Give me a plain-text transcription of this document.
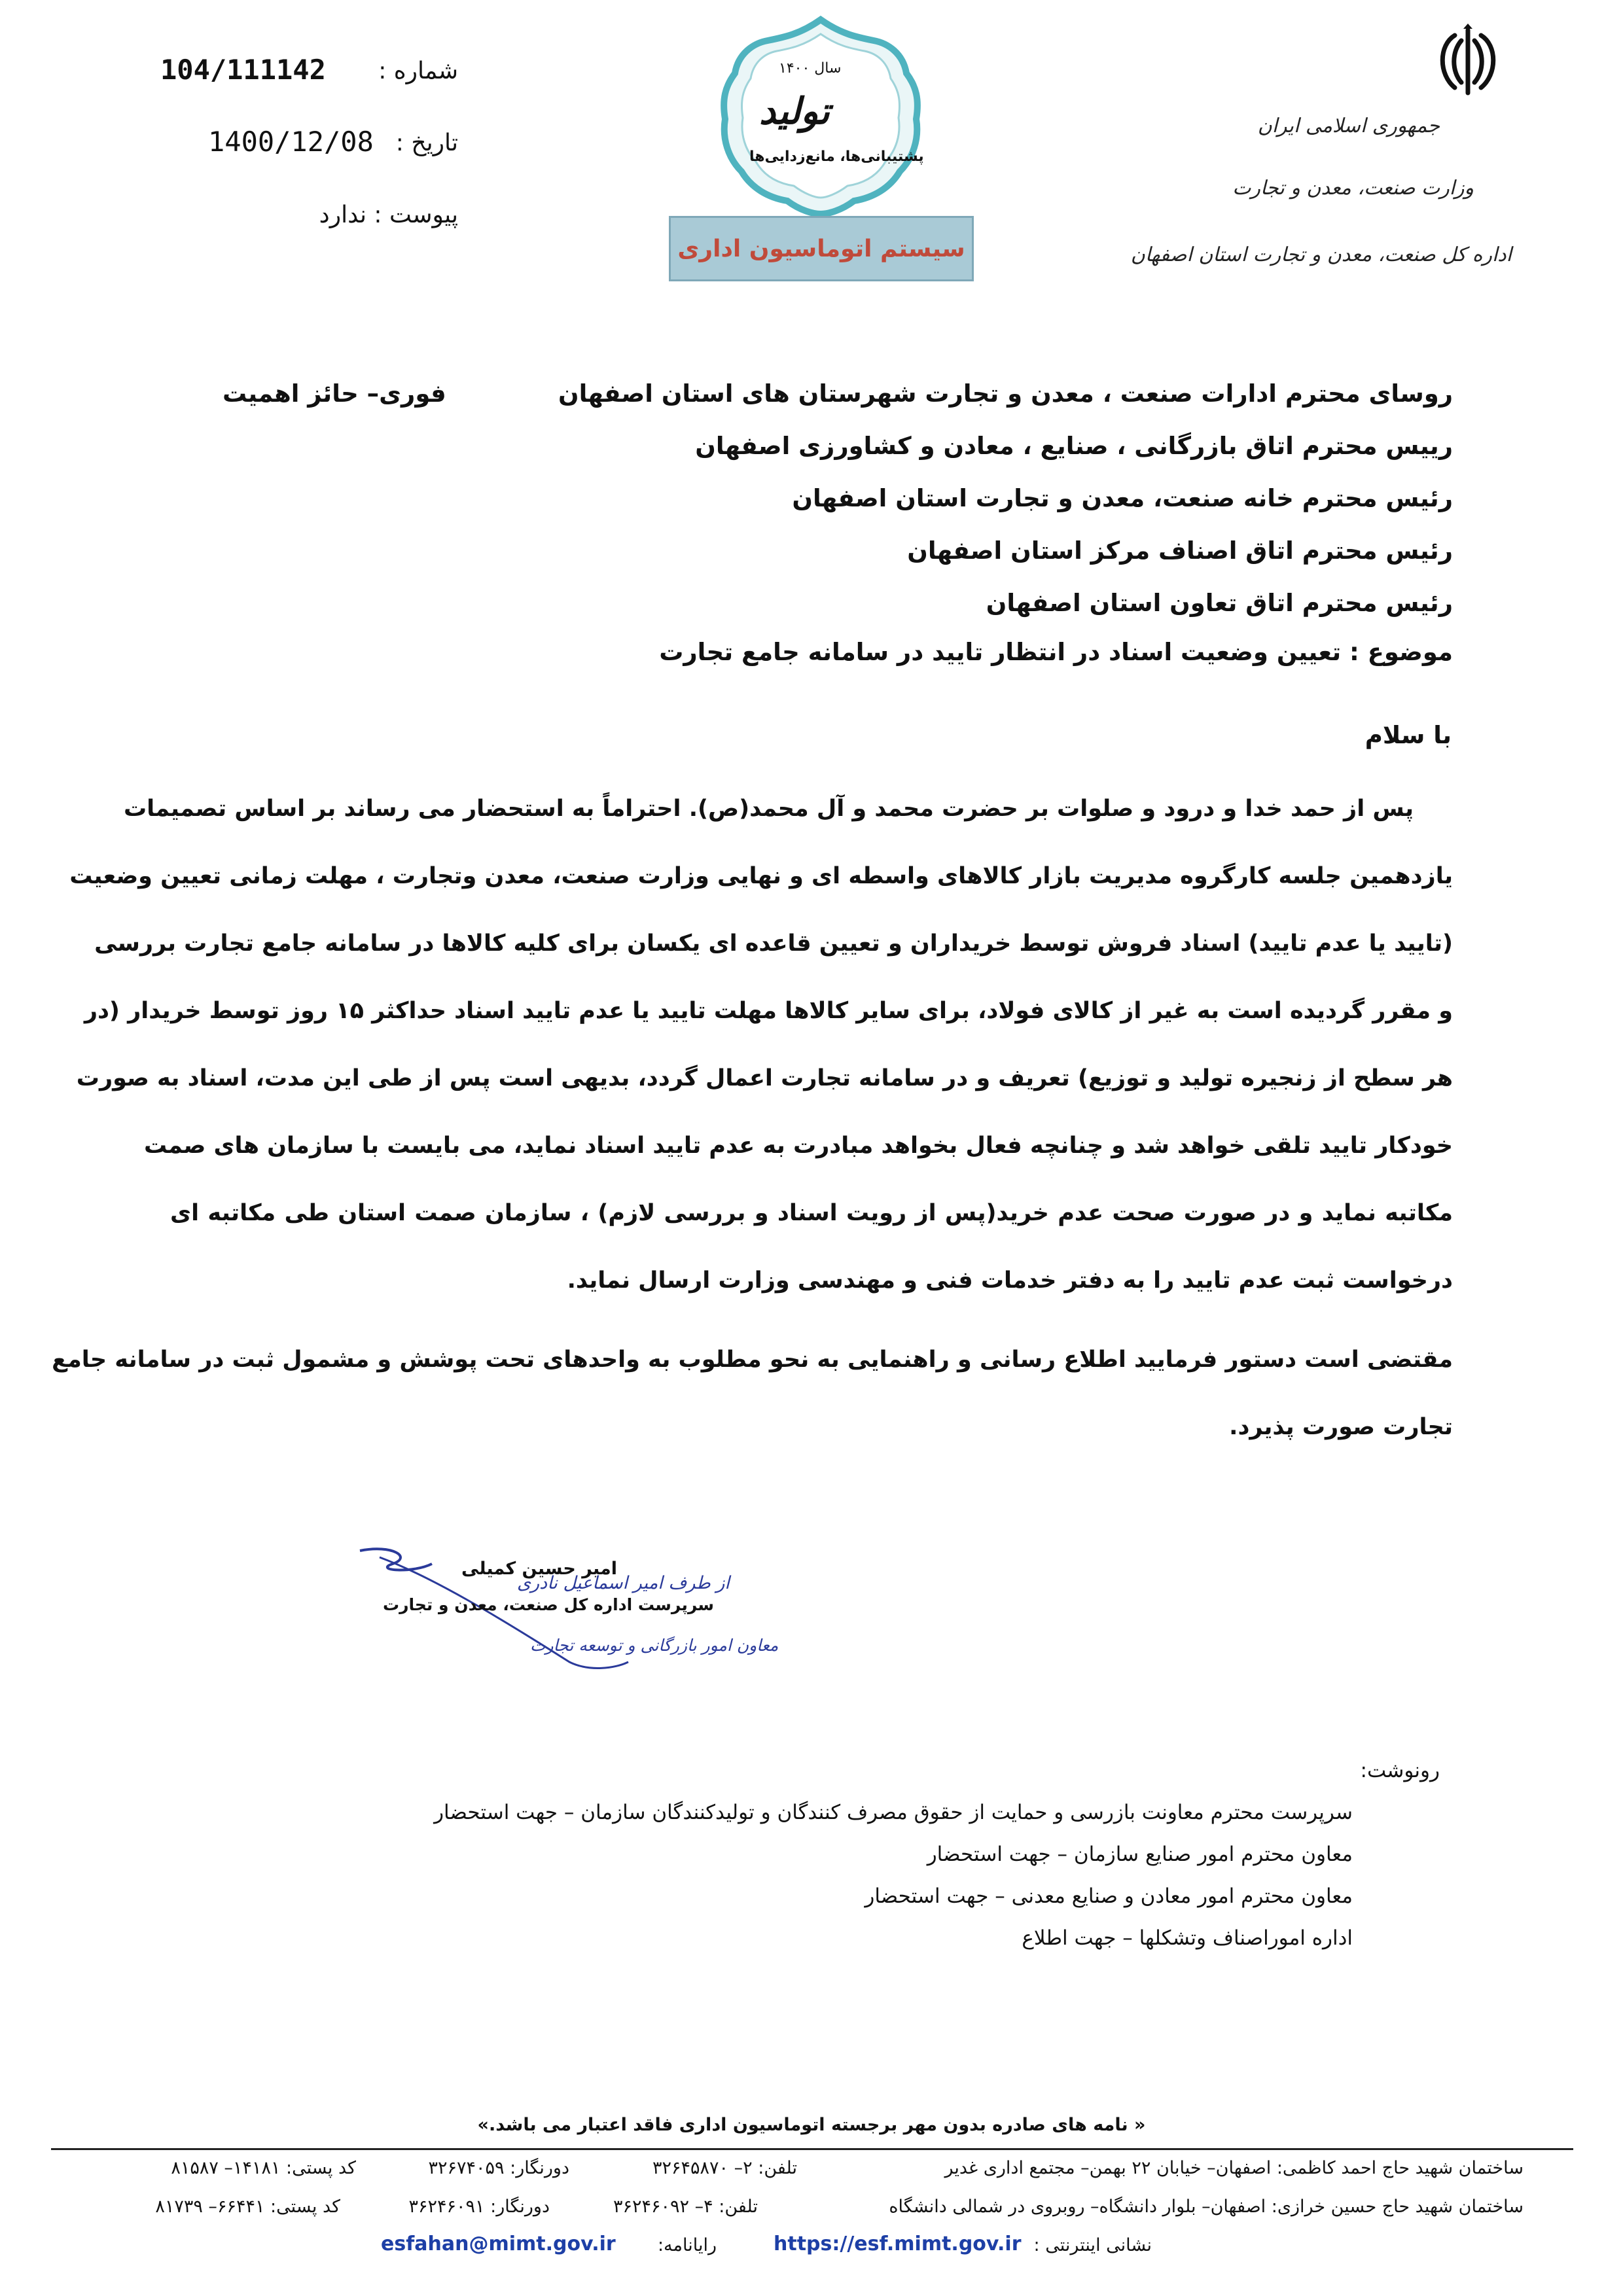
جمهوری اسلامی ایران
وزارت صنعت، معدن و تجارت
اداره کل صنعت، معدن و تجارت استان اصفهان
سال ۱۴۰۰
تولید
پشتیبانی‌ها، مانع‌زدایی‌ها
سیستم اتوماسیون اداری
شماره :
104/111142
تاریخ :
1400/12/08
پیوست : ندارد
فوری– حائز اهمیت	روسای محترم ادارات صنعت ، معدن و تجارت شهرستان های استان اصفهان
رییس محترم اتاق بازرگانی ، صنایع ، معادن و کشاورزی اصفهان
رئیس محترم خانه صنعت، معدن و تجارت استان اصفهان
رئیس محترم اتاق اصناف مرکز استان اصفهان
رئیس محترم اتاق تعاون استان اصفهان
موضوع : تعیین وضعیت اسناد در انتظار تایید در سامانه جامع تجارت
با سلام
پس از حمد خدا و درود و صلوات بر حضرت محمد و آل محمد(ص). احتراماً به استحضار می رساند بر اساس تصمیمات
یازدهمین جلسه کارگروه مدیریت بازار کالاهای واسطه ای و نهایی وزارت صنعت، معدن وتجارت ، مهلت زمانی تعیین وضعیت
(تایید یا عدم تایید) اسناد فروش توسط خریداران و تعیین قاعده ای یکسان برای کلیه کالاها در سامانه جامع تجارت بررسی
و مقرر گردیده است به غیر از کالای فولاد، برای سایر کالاها مهلت تایید یا عدم تایید اسناد حداکثر ۱۵ روز توسط خریدار (در
هر سطح از زنجیره تولید و توزیع) تعریف و در سامانه تجارت اعمال گردد، بدیهی است پس از طی این مدت، اسناد به صورت
خودکار تایید تلقی خواهد شد و چنانچه فعال بخواهد مبادرت به عدم تایید اسناد نماید، می بایست با سازمان های صمت
مکاتبه نماید و در صورت صحت عدم خرید(پس از رویت اسناد و بررسی لازم) ، سازمان صمت استان طی مکاتبه ای
درخواست ثبت عدم تایید را به دفتر خدمات فنی و مهندسی وزارت ارسال نماید.
مقتضی است دستور فرمایید اطلاع رسانی و راهنمایی به نحو مطلوب به واحدهای تحت پوشش و مشمول ثبت در سامانه جامع
تجارت صورت پذیرد.
امیر حسین کمیلی
سرپرست اداره کل صنعت، معدن و تجارت
از طرف امیر اسماعیل نادری
معاون امور بازرگانی و توسعه تجارت
رونوشت:
سرپرست محترم معاونت بازرسی و حمایت از حقوق مصرف کنندگان و تولیدکنندگان سازمان – جهت استحضار
معاون محترم امور صنایع سازمان – جهت استحضار
معاون محترم امور معادن و صنایع معدنی – جهت استحضار
اداره اموراصناف وتشکلها – جهت اطلاع
« نامه های صادره بدون مهر برجسته اتوماسیون اداری فاقد اعتبار می باشد.»
ساختمان شهید حاج احمد کاظمی: اصفهان– خیابان ۲۲ بهمن– مجتمع اداری غدیر
تلفن: ۲– ۳۲۶۴۵۸۷۰
دورنگار: ۳۲۶۷۴۰۵۹
کد پستی: ۱۴۱۸۱– ۸۱۵۸۷
ساختمان شهید حاج حسین خرازی: اصفهان– بلوار دانشگاه– روبروی در شمالی دانشگاه
تلفن: ۴– ۳۶۲۴۶۰۹۲
دورنگار: ۳۶۲۴۶۰۹۱
کد پستی: ۶۶۴۴۱– ۸۱۷۳۹
نشانی اینترنتی :
https://esf.mimt.gov.ir
رایانامه:
esfahan@mimt.gov.ir
